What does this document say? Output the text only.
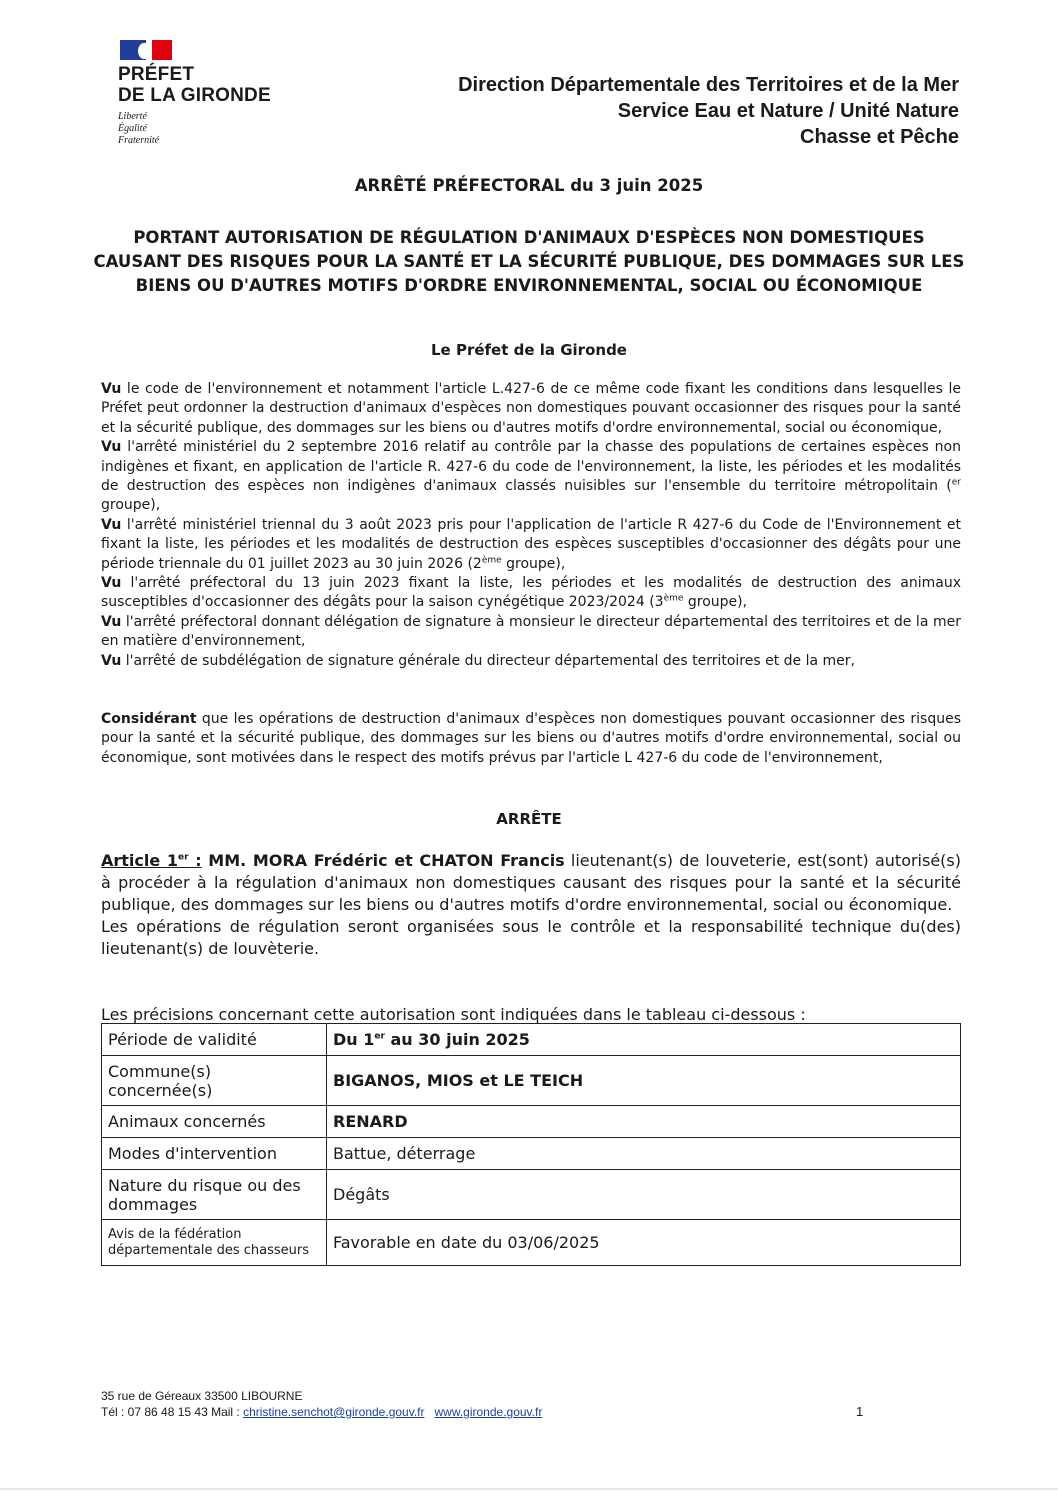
PRÉFET
DE LA GIRONDE
Liberté
Égalité
Fraternité
Direction Départementale des Territoires et de la Mer
Service Eau et Nature / Unité Nature
Chasse et Pêche
ARRÊTÉ PRÉFECTORAL du 3 juin 2025
PORTANT AUTORISATION DE RÉGULATION D'ANIMAUX D'ESPÈCES NON DOMESTIQUES CAUSANT DES RISQUES POUR LA SANTÉ ET LA SÉCURITÉ PUBLIQUE, DES DOMMAGES SUR LES BIENS OU D'AUTRES MOTIFS D'ORDRE ENVIRONNEMENTAL, SOCIAL OU ÉCONOMIQUE
Le Préfet de la Gironde

Vu le code de l'environnement et notamment l'article L.427-6 de ce même code fixant les conditions dans lesquelles le Préfet peut ordonner la destruction d'animaux d'espèces non domestiques pouvant occasionner des risques pour la santé et la sécurité publique, des dommages sur les biens ou d'autres motifs d'ordre environnemental, social ou économique,

Vu l'arrêté ministériel du 2 septembre 2016 relatif au contrôle par la chasse des populations de certaines espèces non indigènes et fixant, en application de l'article R. 427-6 du code de l'environnement, la liste, les périodes et les modalités de destruction des espèces non indigènes d'animaux classés nuisibles sur l'ensemble du territoire métropolitain ($^{er}$ groupe),

Vu l'arrêté ministériel triennal du 3 août 2023 pris pour l'application de l'article R 427-6 du Code de l'Environnement et fixant la liste, les périodes et les modalités de destruction des espèces susceptibles d'occasionner des dégâts pour une période triennale du 01 juillet 2023 au 30 juin 2026 (2ème groupe),

Vu l'arrêté préfectoral du 13 juin 2023 fixant la liste, les périodes et les modalités de destruction des animaux susceptibles d'occasionner des dégâts pour la saison cynégétique 2023/2024 (3ème groupe),

Vu l'arrêté préfectoral donnant délégation de signature à monsieur le directeur départemental des territoires et de la mer en matière d'environnement,

Vu l'arrêté de subdélégation de signature générale du directeur départemental des territoires et de la mer,

Considérant que les opérations de destruction d'animaux d'espèces non domestiques pouvant occasionner des risques pour la santé et la sécurité publique, des dommages sur les biens ou d'autres motifs d'ordre environnemental, social ou économique, sont motivées dans le respect des motifs prévus par l'article L 427-6 du code de l'environnement,

ARRÊTE

Article 1er : MM. MORA Frédéric et CHATON Francis lieutenant(s) de louveterie, est(sont) autorisé(s) à procéder à la régulation d'animaux non domestiques causant des risques pour la santé et la sécurité publique, des dommages sur les biens ou d'autres motifs d'ordre environnemental, social ou économique.

Les opérations de régulation seront organisées sous le contrôle et la responsabilité technique du(des) lieutenant(s) de louvèterie.

Les précisions concernant cette autorisation sont indiquées dans le tableau ci-dessous :
Période de validité	Du 1er au 30 juin 2025
Commune(s) concernée(s)	BIGANOS, MIOS et LE TEICH
Animaux concernés	RENARD
Modes d'intervention	Battue, déterrage
Nature du risque ou des dommages	Dégâts
Avis de la fédération départementale des chasseurs	Favorable en date du 03/06/2025
35 rue de Géreaux 33500 LIBOURNE
Tél : 07 86 48 15 43 Mail : christine.senchot@gironde.gouv.fr www.gironde.gouv.fr	1
